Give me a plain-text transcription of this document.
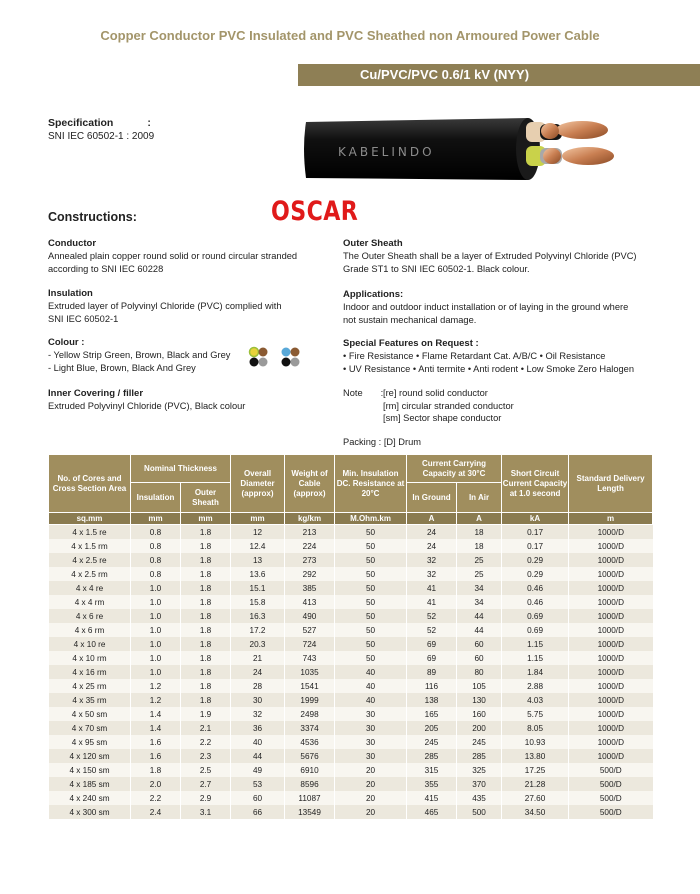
Copper Conductor PVC Insulated and PVC Sheathed non Armoured Power Cable
Cu/PVC/PVC 0.6/1 kV (NYY)
Specification	:
SNI IEC 60502-1 : 2009
KABELINDO
Constructions:	OSCAR
Conductor
Annealed plain copper round solid or round circular stranded
according to SNI IEC 60228
Insulation
Extruded layer of Polyvinyl Chloride (PVC) complied with
SNI IEC 60502-1
Colour :
- Yellow Strip Green, Brown, Black and Grey
- Light Blue, Brown, Black And Grey
Inner Covering / filler
Extruded Polyvinyl Chloride (PVC), Black colour
Outer Sheath
The Outer Sheath shall be a layer of Extruded Polyvinyl Chloride (PVC)
Grade ST1 to SNI IEC 60502-1. Black colour.
Applications:
Indoor and outdoor induct installation or of laying in the ground where
not sustain mechanical damage.
Special Features on Request :
• Fire Resistance • Flame Retardant Cat. A/B/C • Oil Resistance
• UV Resistance • Anti termite • Anti rodent • Low Smoke Zero Halogen
Note : [re] round solid conductor
[rm] circular stranded conductor
[sm] Sector shape conductor
Packing : [D] Drum
No. of Cores and Cross Section Area	Nominal Thickness		Overall Diameter (approx)	Weight of Cable (approx)	Min. Insulation DC. Resistance at 20°C	Current Carrying Capacity at 30°C		Short Circuit Current Capacity at 1.0 second	Standard Delivery Length
	Insulation	Outer Sheath				In Ground	In Air		
sq.mm	mm	mm	mm	kg/km	M.Ohm.km	A	A	kA	m
4 x 1.5 re	0.8	1.8	12	213	50	24	18	0.17	1000/D
4 x 1.5 rm	0.8	1.8	12.4	224	50	24	18	0.17	1000/D
4 x 2.5 re	0.8	1.8	13	273	50	32	25	0.29	1000/D
4 x 2.5 rm	0.8	1.8	13.6	292	50	32	25	0.29	1000/D
4 x 4 re	1.0	1.8	15.1	385	50	41	34	0.46	1000/D
4 x 4 rm	1.0	1.8	15.8	413	50	41	34	0.46	1000/D
4 x 6 re	1.0	1.8	16.3	490	50	52	44	0.69	1000/D
4 x 6 rm	1.0	1.8	17.2	527	50	52	44	0.69	1000/D
4 x 10 re	1.0	1.8	20.3	724	50	69	60	1.15	1000/D
4 x 10 rm	1.0	1.8	21	743	50	69	60	1.15	1000/D
4 x 16 rm	1.0	1.8	24	1035	40	89	80	1.84	1000/D
4 x 25 rm	1.2	1.8	28	1541	40	116	105	2.88	1000/D
4 x 35 rm	1.2	1.8	30	1999	40	138	130	4.03	1000/D
4 x 50 sm	1.4	1.9	32	2498	30	165	160	5.75	1000/D
4 x 70 sm	1.4	2.1	36	3374	30	205	200	8.05	1000/D
4 x 95 sm	1.6	2.2	40	4536	30	245	245	10.93	1000/D
4 x 120 sm	1.6	2.3	44	5676	30	285	285	13.80	1000/D
4 x 150 sm	1.8	2.5	49	6910	20	315	325	17.25	500/D
4 x 185 sm	2.0	2.7	53	8596	20	355	370	21.28	500/D
4 x 240 sm	2.2	2.9	60	11087	20	415	435	27.60	500/D
4 x 300 sm	2.4	3.1	66	13549	20	465	500	34.50	500/D
